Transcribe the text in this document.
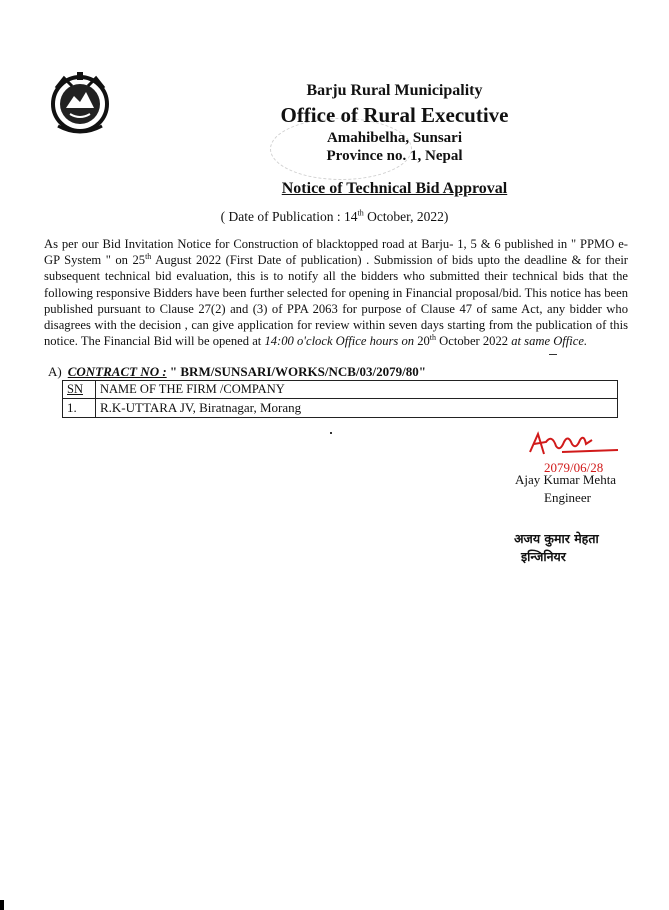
Barju Rural Municipality
Office of Rural Executive
Amahibelha, Sunsari
Province no. 1, Nepal
Notice of Technical Bid Approval
( Date of Publication : 14th October, 2022)
As per our Bid Invitation Notice for Construction of blacktopped road at Barju- 1, 5 & 6 published in " PPMO e-GP System " on 25th August 2022 (First Date of publication) . Submission of bids upto the deadline & for their subsequent technical bid evaluation, this is to notify all the bidders who submitted their technical bids that the following responsive Bidders have been further selected for opening in Financial proposal/bid. This notice has been published pursuant to Clause 27(2) and (3) of PPA 2063 for purpose of Clause 47 of same Act, any bidder who disagrees with the decision , can give application for review within seven days starting from the publication of this notice. The Financial Bid will be opened at 14:00 o'clock Office hours on 20th October 2022 at same Office.
A) CONTRACT NO : " BRM/SUNSARI/WORKS/NCB/03/2079/80"
SN	NAME OF THE FIRM /COMPANY
1.	R.K-UTTARA JV, Biratnagar, Morang
2079/06/28
Ajay Kumar Mehta
Engineer
अजय कुमार मेहता
इन्जिनियर
